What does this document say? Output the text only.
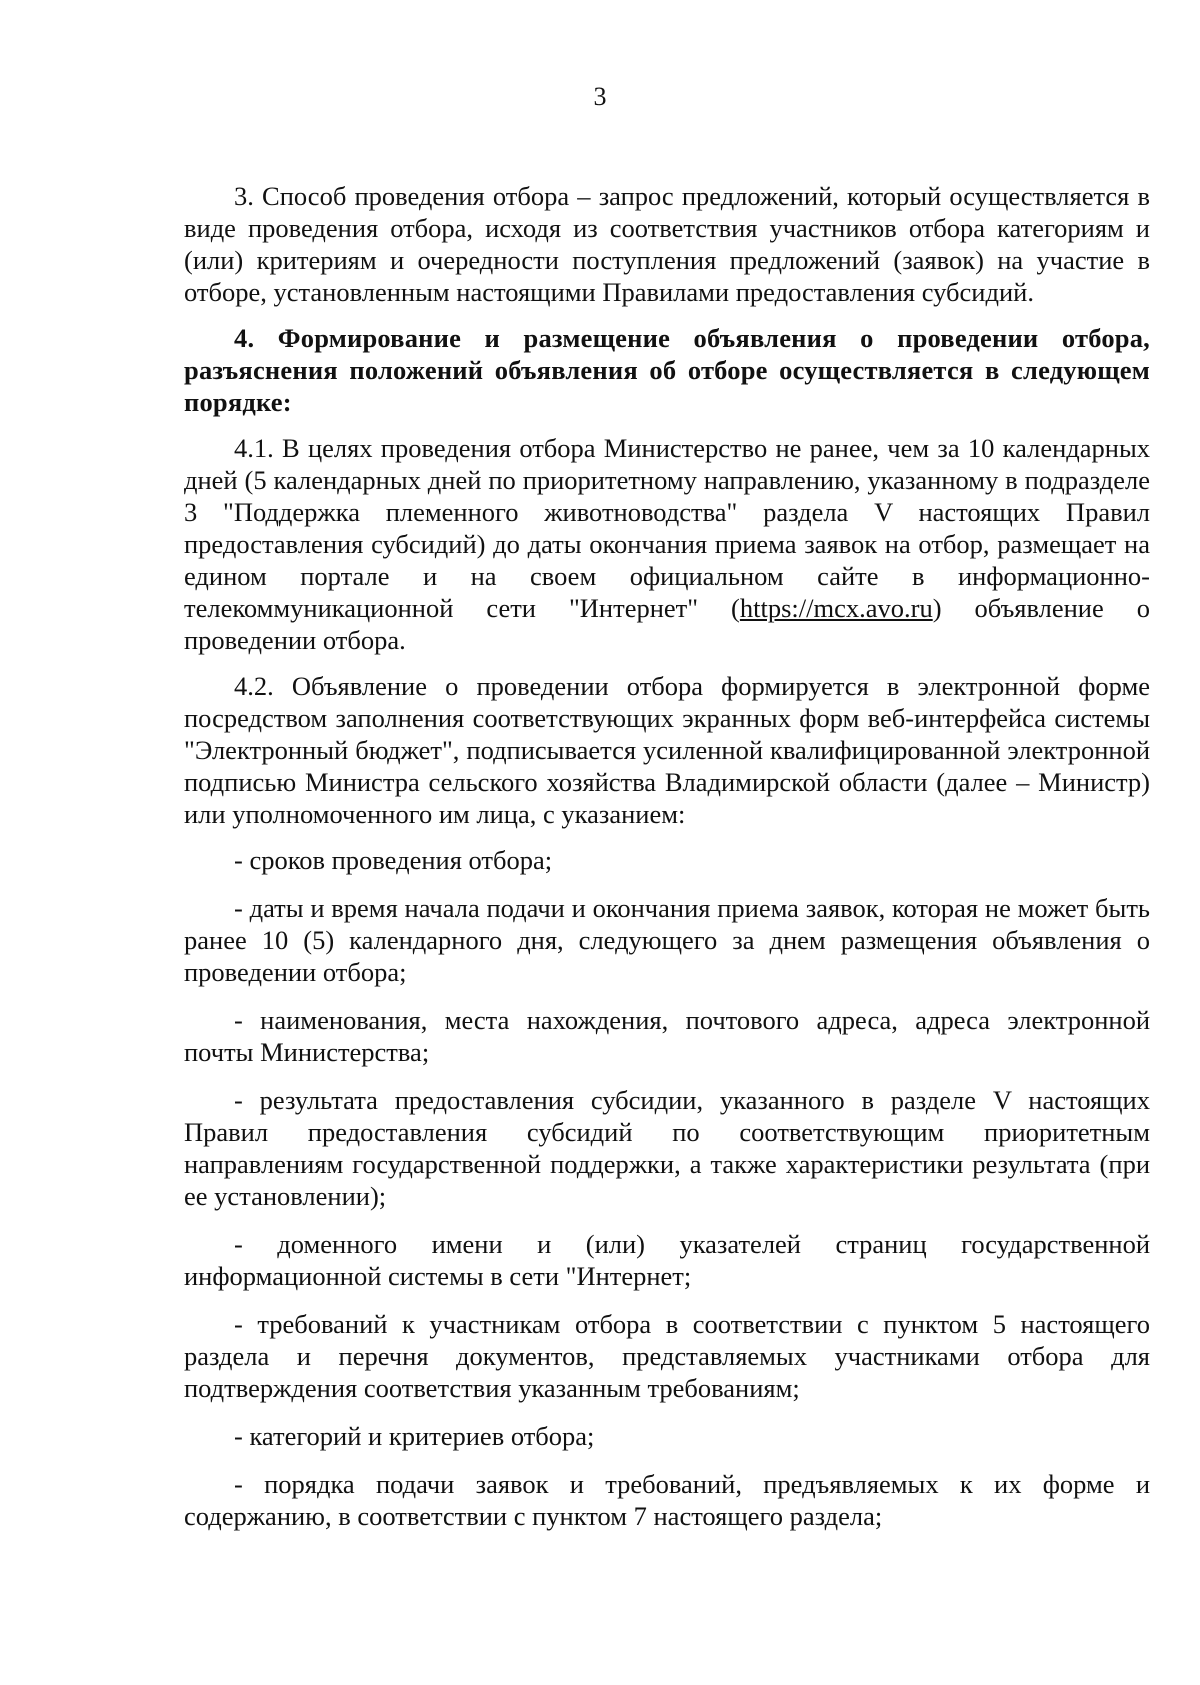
3

3. Способ проведения отбора – запрос предложений, который осуществляется в виде проведения отбора, исходя из соответствия участников отбора категориям и (или) критериям и очередности поступления предложений (заявок) на участие в отборе, установленным настоящими Правилами предоставления субсидий.

4. Формирование и размещение объявления о проведении отбора, разъяснения положений объявления об отборе осуществляется в следующем порядке:

4.1. В целях проведения отбора Министерство не ранее, чем за 10 календарных дней (5 календарных дней по приоритетному направлению, указанному в подразделе 3 "Поддержка племенного животноводства" раздела V настоящих Правил предоставления субсидий) до даты окончания приема заявок на отбор, размещает на едином портале и на своем официальном сайте в информационно-телекоммуникационной сети "Интернет" (https://mcx.avo.ru) объявление о проведении отбора.

4.2. Объявление о проведении отбора формируется в электронной форме посредством заполнения соответствующих экранных форм веб-интерфейса системы "Электронный бюджет", подписывается усиленной квалифицированной электронной подписью Министра сельского хозяйства Владимирской области (далее – Министр) или уполномоченного им лица, с указанием:

- сроков проведения отбора;

- даты и время начала подачи и окончания приема заявок, которая не может быть ранее 10 (5) календарного дня, следующего за днем размещения объявления о проведении отбора;

- наименования, места нахождения, почтового адреса, адреса электронной почты Министерства;

- результата предоставления субсидии, указанного в разделе V настоящих Правил предоставления субсидий по соответствующим приоритетным направлениям государственной поддержки, а также характеристики результата (при ее установлении);

- доменного имени и (или) указателей страниц государственной информационной системы в сети "Интернет;

- требований к участникам отбора в соответствии с пунктом 5 настоящего раздела и перечня документов, представляемых участниками отбора для подтверждения соответствия указанным требованиям;

- категорий и критериев отбора;

- порядка подачи заявок и требований, предъявляемых к их форме и содержанию, в соответствии с пунктом 7 настоящего раздела;
